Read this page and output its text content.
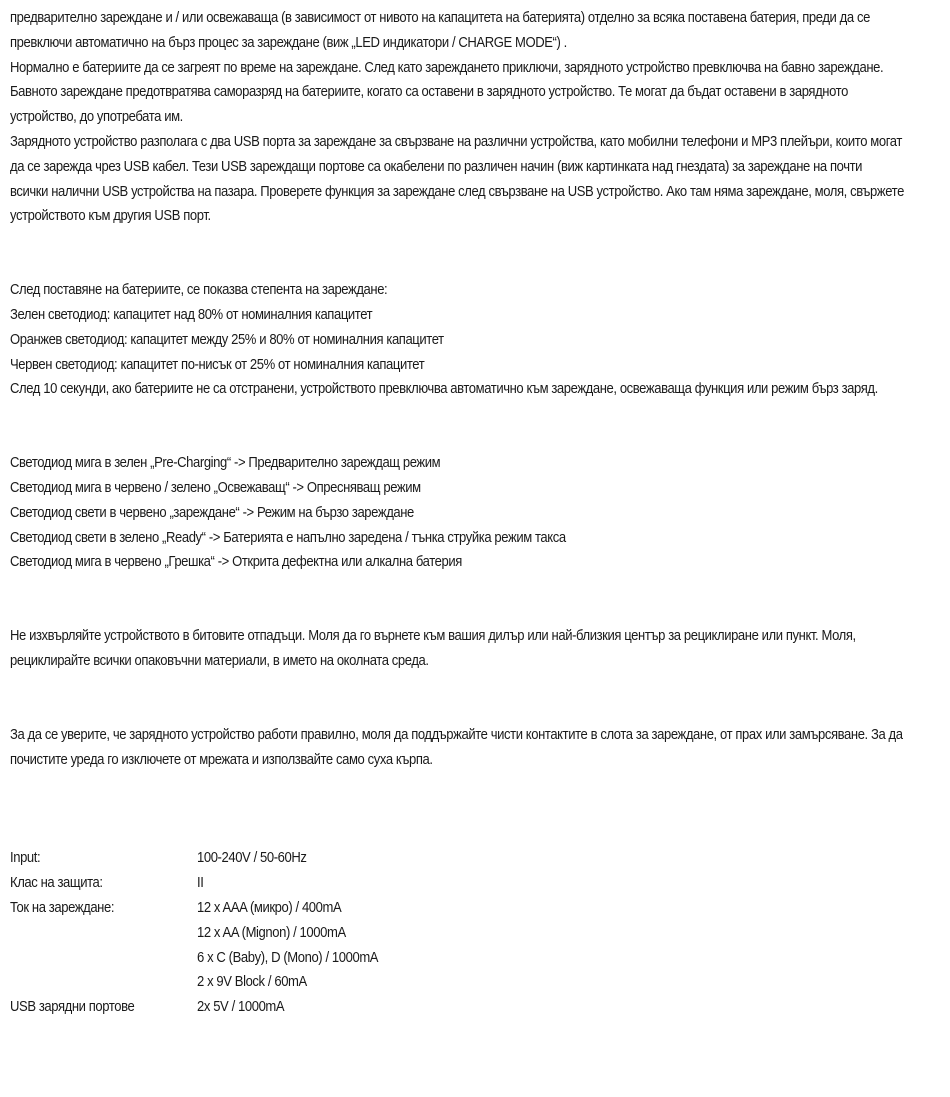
предварително зареждане и / или освежаваща (в зависимост от нивото на капацитета на батерията) отделно за всяка поставена батерия, преди да се
превключи автоматично на бърз процес за зареждане (виж „LED индикатори / CHARGE MODE“) .
Нормално е батериите да се загреят по време на зареждане. След като зареждането приключи, зарядното устройство превключва на бавно зареждане.
Бавното зареждане предотвратява саморазряд на батериите, когато са оставени в зарядното устройство. Те могат да бъдат оставени в зарядното
устройство, до употребата им.
Зарядното устройство разполага с два USB порта за зареждане за свързване на различни устройства, като мобилни телефони и MP3 плейъри, които могат
да се зарежда чрез USB кабел. Тези USB зареждащи портове са окабелени по различен начин (виж картинката над гнездата) за зареждане на почти
всички налични USB устройства на пазара. Проверете функция за зареждане след свързване на USB устройство. Ако там няма зареждане, моля, свържете
устройството към другия USB порт.
След поставяне на батериите, се показва степента на зареждане:
Зелен светодиод: капацитет над 80% от номиналния капацитет
Оранжев светодиод: капацитет между 25% и 80% от номиналния капацитет
Червен светодиод: капацитет по-нисък от 25% от номиналния капацитет
След 10 секунди, ако батериите не са отстранени, устройството превключва автоматично към зареждане, освежаваща функция или режим бърз заряд.
Светодиод мига в зелен „Pre-Charging“ -> Предварително зареждащ режим
Светодиод мига в червено / зелено „Освежаващ“ -> Опресняващ режим
Светодиод свети в червено „зареждане“ -> Режим на бързо зареждане
Светодиод свети в зелено „Ready“ -> Батерията е напълно заредена / тънка струйка режим такса
Светодиод мига в червено „Грешка“ -> Открита дефектна или алкална батерия
Не изхвърляйте устройството в битовите отпадъци. Моля да го върнете към вашия дилър или най-близкия център за рециклиране или пункт. Моля,
рециклирайте всички опаковъчни материали, в името на околната среда.
За да се уверите, че зарядното устройство работи правилно, моля да поддържайте чисти контактите в слота за зареждане, от прах или замърсяване. За да
почистите уреда го изключете от мрежата и използвайте само суха кърпа.
Input:	100-240V / 50-60Hz
Клас на защита:	II
Ток на зареждане:	12 x AAA (микро) / 400mA
12 x AA (Mignon) / 1000mA
6 x C (Baby), D (Mono) / 1000mA
2 x 9V Block / 60mA
USB зарядни портове	2x 5V / 1000mA
